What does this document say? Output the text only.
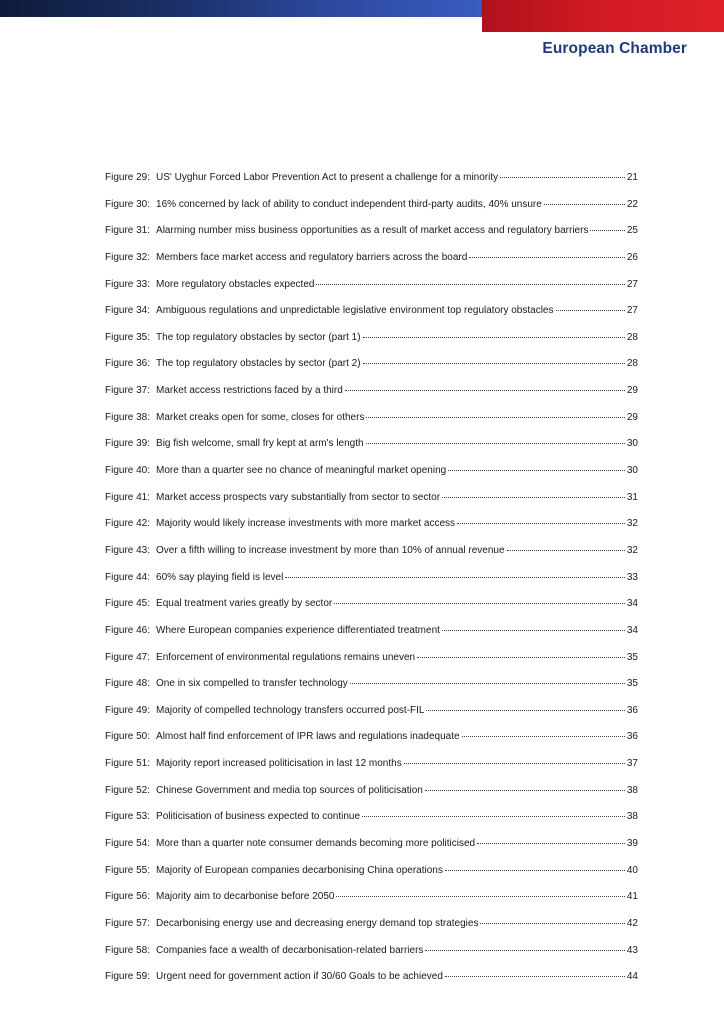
European Chamber
Figure 29: US' Uyghur Forced Labor Prevention Act to present a challenge for a minority	21
Figure 30: 16% concerned by lack of ability to conduct independent third-party audits, 40% unsure	22
Figure 31: Alarming number miss business opportunities as a result of market access and regulatory barriers	25
Figure 32: Members face market access and regulatory barriers across the board	26
Figure 33: More regulatory obstacles expected	27
Figure 34: Ambiguous regulations and unpredictable legislative environment top regulatory obstacles	27
Figure 35: The top regulatory obstacles by sector (part 1)	28
Figure 36: The top regulatory obstacles by sector (part 2)	28
Figure 37: Market access restrictions faced by a third	29
Figure 38: Market creaks open for some, closes for others	29
Figure 39: Big fish welcome, small fry kept at arm's length	30
Figure 40: More than a quarter see no chance of meaningful market opening	30
Figure 41: Market access prospects vary substantially from sector to sector	31
Figure 42: Majority would likely increase investments with more market access	32
Figure 43: Over a fifth willing to increase investment by more than 10% of annual revenue	32
Figure 44: 60% say playing field is level	33
Figure 45: Equal treatment varies greatly by sector	34
Figure 46: Where European companies experience differentiated treatment	34
Figure 47: Enforcement of environmental regulations remains uneven	35
Figure 48: One in six compelled to transfer technology	35
Figure 49: Majority of compelled technology transfers occurred post-FIL	36
Figure 50: Almost half find enforcement of IPR laws and regulations inadequate	36
Figure 51: Majority report increased politicisation in last 12 months	37
Figure 52: Chinese Government and media top sources of politicisation	38
Figure 53: Politicisation of business expected to continue	38
Figure 54: More than a quarter note consumer demands becoming more politicised	39
Figure 55: Majority of European companies decarbonising China operations	40
Figure 56: Majority aim to decarbonise before 2050	41
Figure 57: Decarbonising energy use and decreasing energy demand top strategies	42
Figure 58: Companies face a wealth of decarbonisation-related barriers	43
Figure 59: Urgent need for government action if 30/60 Goals to be achieved	44
